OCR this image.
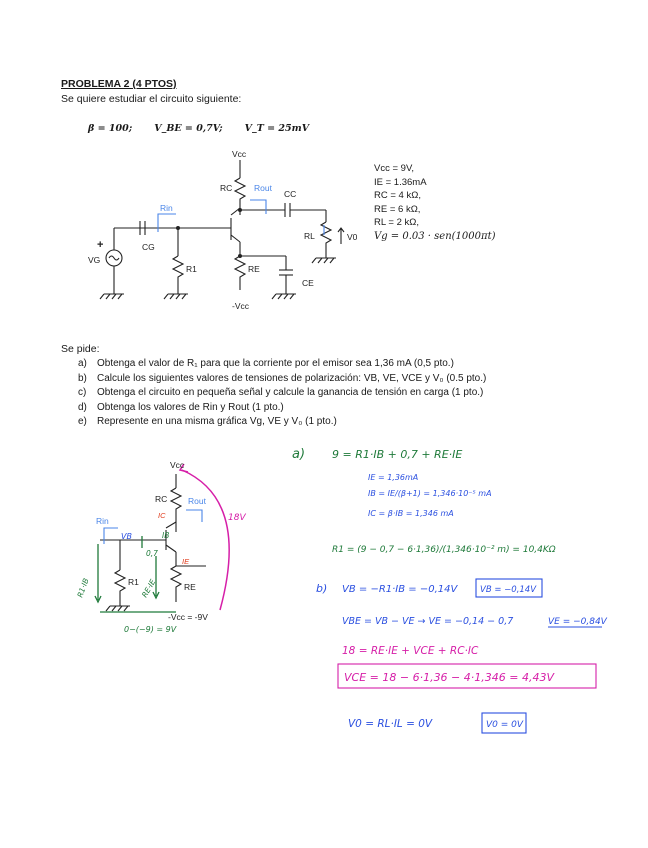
PROBLEMA 2 (4 PTOS)
Se quiere estudiar el circuito siguiente:
β = 100; V_BE = 0,7V; V_T = 25mV
Vcc = 9V,
IE = 1.36mA
RC = 4 kΩ,
RE = 6 kΩ,
RL = 2 kΩ,
Vg = 0.03 · sen(1000πt)
Vcc
RC	Rout
CC
Rin
CG
VG
+
R1	RE
CE
RL	V0
-Vcc
Se pide:
a) Obtenga el valor de R₁ para que la corriente por el emisor sea 1,36 mA (0,5 pto.)
b) Calcule los siguientes valores de tensiones de polarización: VB, VE, VCE y V₀ (0.5 pto.)
c) Obtenga el circuito en pequeña señal y calcule la ganancia de tensión en carga (1 pto.)
d) Obtenga los valores de Rin y Rout (1 pto.)
e) Represente en una misma gráfica Vg, VE y V₀ (1 pto.)
Vcc
RC Rout
Rin
R1	RE
-Vcc = -9V
18V
VB
0,7
IB
IE
IC
0−(−9) = 9V
R1·IB	RE·IE
a) 9 = R1·IB + 0,7 + RE·IE
IE = 1,36mA
IB = IE/(β+1) = 1,346·10⁻⁵ mA
IC = β·IB = 1,346 mA
R1 = (9 − 0,7 − 6·1,36)/(1,346·10⁻² m) = 10,4KΩ
b) VB = −R1·IB = −0,14V	VB = −0,14V
VBE = VB − VE → VE = −0,14 − 0,7	VE = −0,84V
18 = RE·IE + VCE + RC·IC
VCE = 18 − 6·1,36 − 4·1,346 = 4,43V
V0 = RL·IL = 0V	V0 = 0V
